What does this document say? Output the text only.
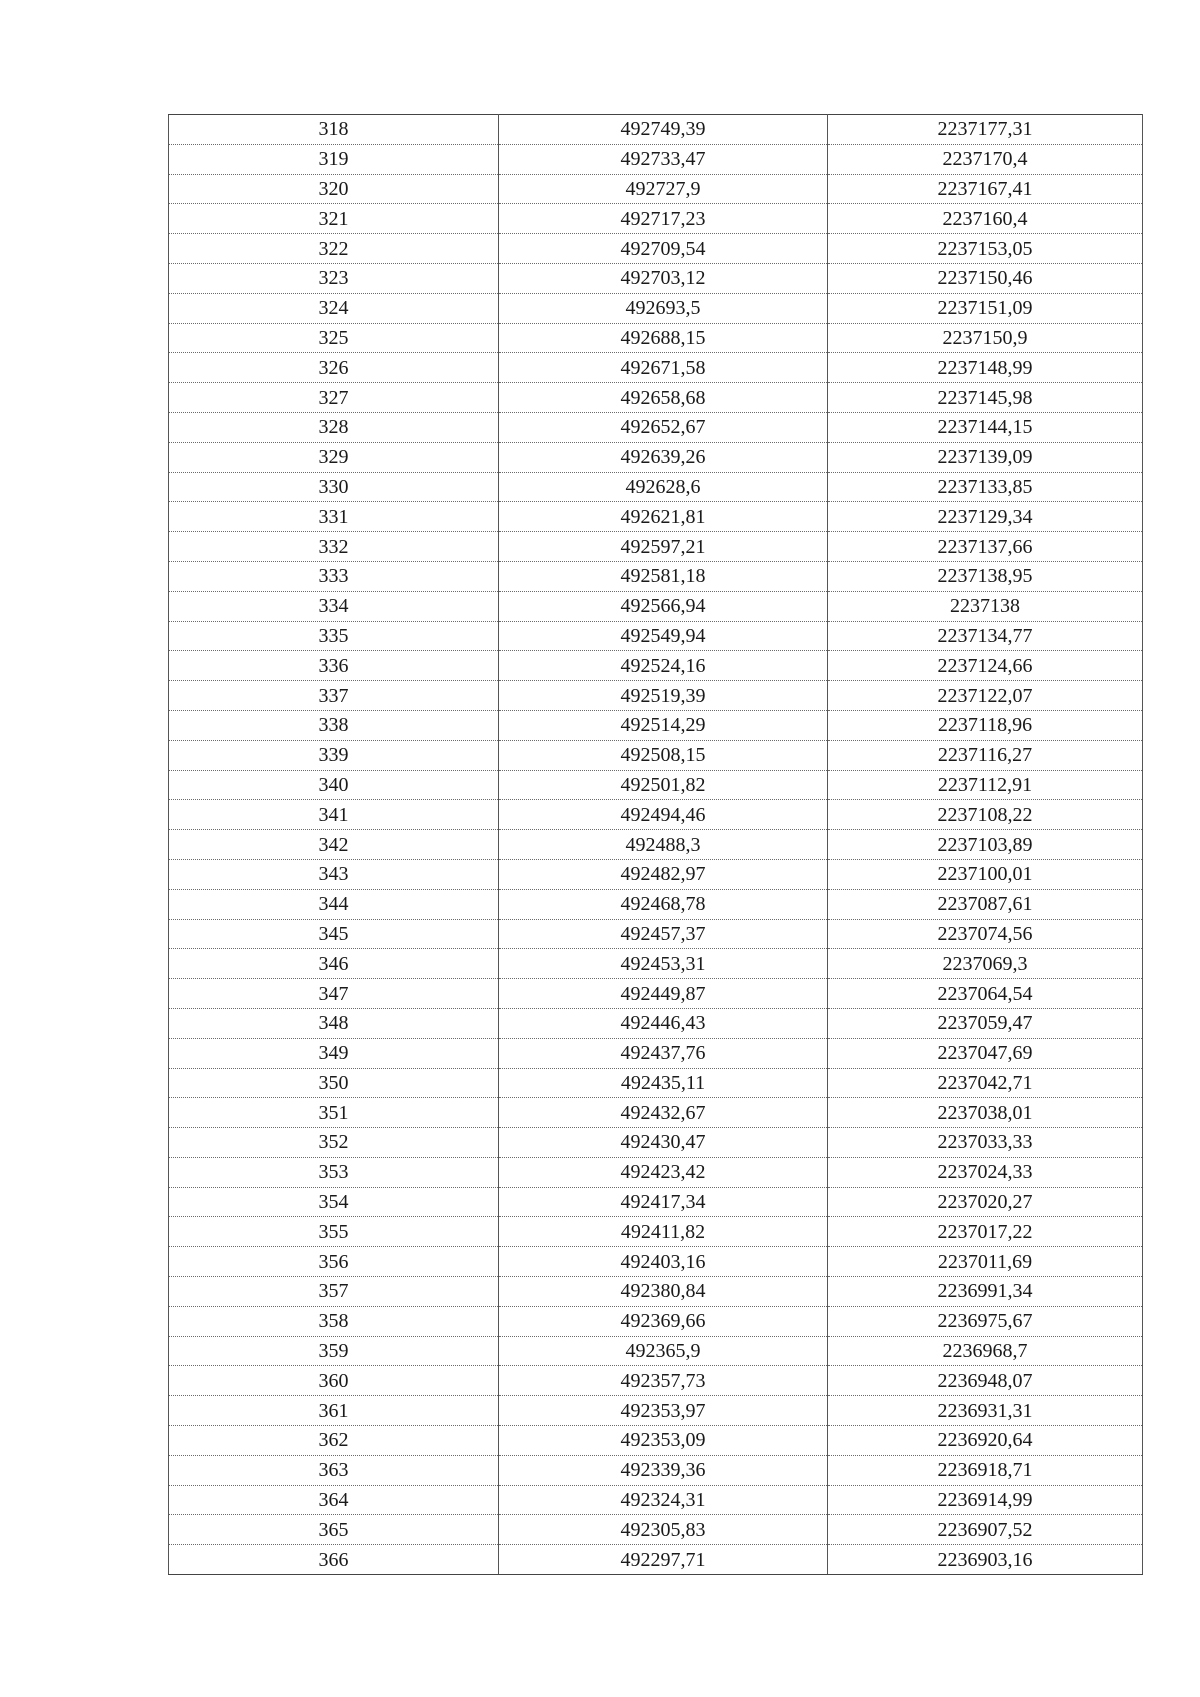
318	492749,39	2237177,31
319	492733,47	2237170,4
320	492727,9	2237167,41
321	492717,23	2237160,4
322	492709,54	2237153,05
323	492703,12	2237150,46
324	492693,5	2237151,09
325	492688,15	2237150,9
326	492671,58	2237148,99
327	492658,68	2237145,98
328	492652,67	2237144,15
329	492639,26	2237139,09
330	492628,6	2237133,85
331	492621,81	2237129,34
332	492597,21	2237137,66
333	492581,18	2237138,95
334	492566,94	2237138
335	492549,94	2237134,77
336	492524,16	2237124,66
337	492519,39	2237122,07
338	492514,29	2237118,96
339	492508,15	2237116,27
340	492501,82	2237112,91
341	492494,46	2237108,22
342	492488,3	2237103,89
343	492482,97	2237100,01
344	492468,78	2237087,61
345	492457,37	2237074,56
346	492453,31	2237069,3
347	492449,87	2237064,54
348	492446,43	2237059,47
349	492437,76	2237047,69
350	492435,11	2237042,71
351	492432,67	2237038,01
352	492430,47	2237033,33
353	492423,42	2237024,33
354	492417,34	2237020,27
355	492411,82	2237017,22
356	492403,16	2237011,69
357	492380,84	2236991,34
358	492369,66	2236975,67
359	492365,9	2236968,7
360	492357,73	2236948,07
361	492353,97	2236931,31
362	492353,09	2236920,64
363	492339,36	2236918,71
364	492324,31	2236914,99
365	492305,83	2236907,52
366	492297,71	2236903,16
